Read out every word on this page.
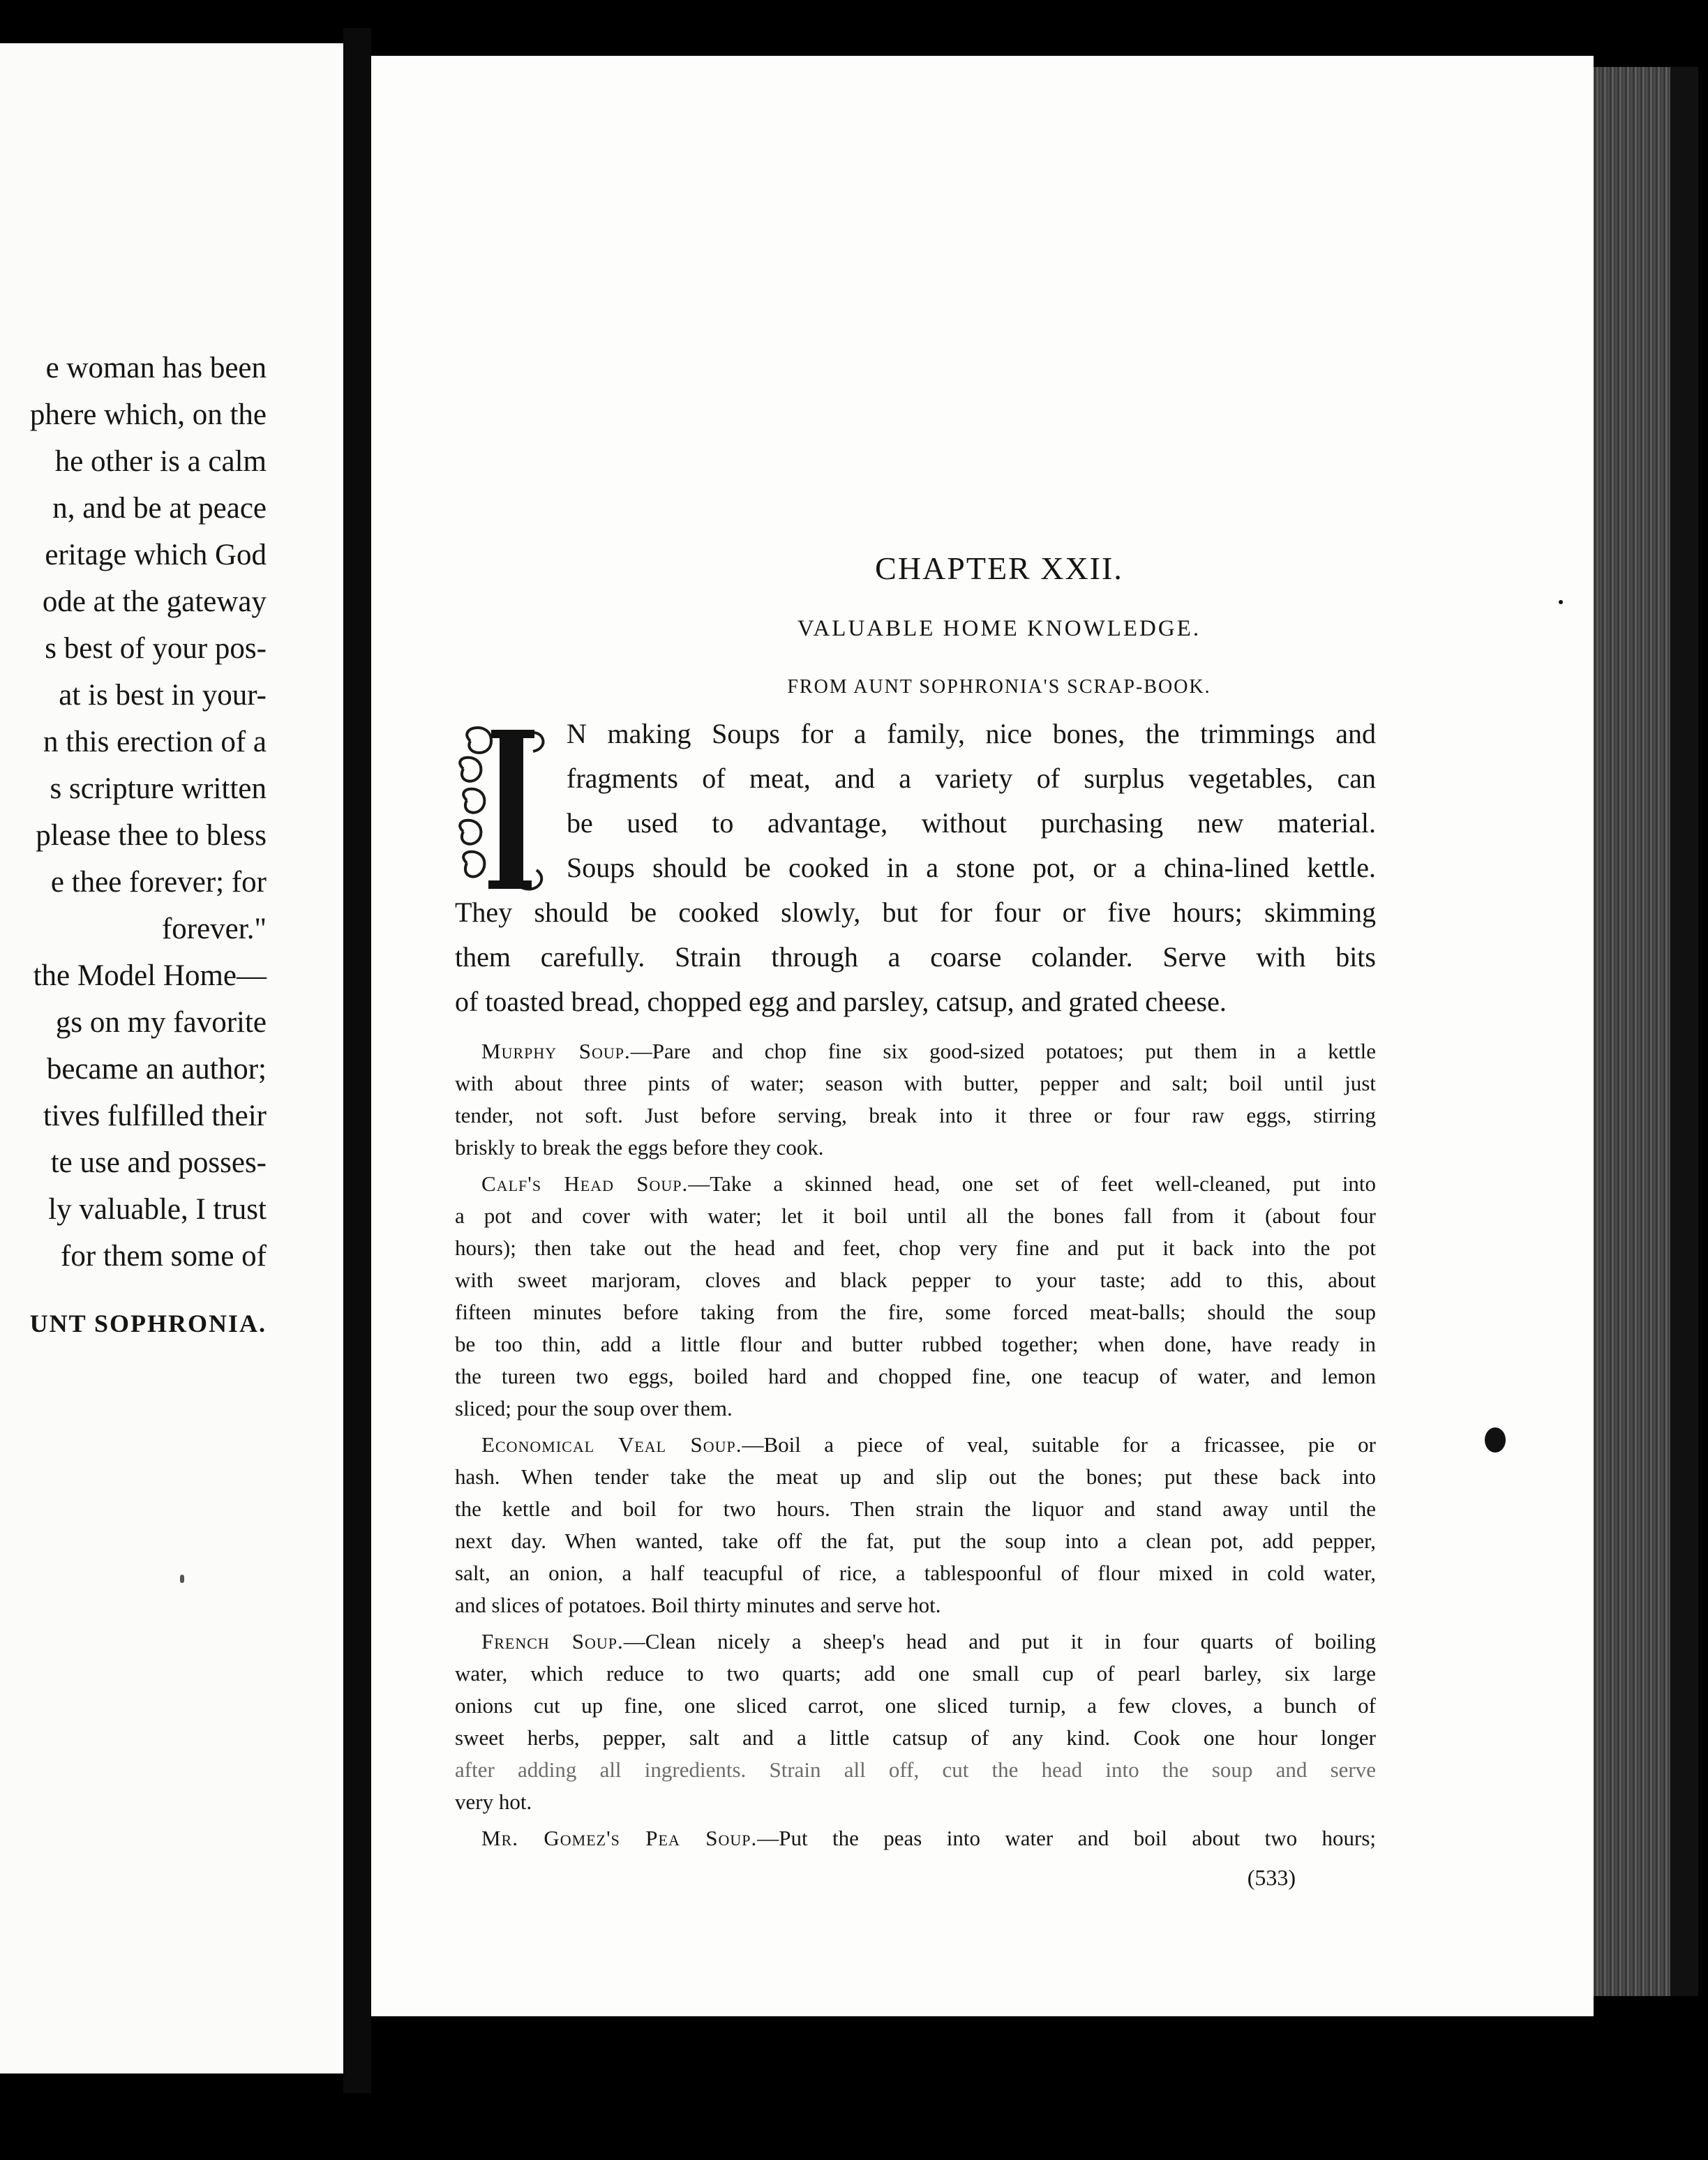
e woman has been
phere which, on the
he other is a calm
n, and be at peace
eritage which God
ode at the gateway
s best of your pos-
at is best in your-
n this erection of a
s scripture written
please thee to bless
e thee forever; for
forever."
the Model Home—
gs on my favorite
became an author;
tives fulfilled their
te use and posses-
ly valuable, I trust
for them some of
UNT SOPHRONIA.
CHAPTER XXII.
VALUABLE HOME KNOWLEDGE.
FROM AUNT SOPHRONIA'S SCRAP-BOOK.
N making Soups for a family, nice bones, the trimmings and
fragments of meat, and a variety of surplus vegetables, can
be used to advantage, without purchasing new material.
Soups should be cooked in a stone pot, or a china-lined kettle.
They should be cooked slowly, but for four or five hours; skimming
them carefully. Strain through a coarse colander. Serve with bits
of toasted bread, chopped egg and parsley, catsup, and grated cheese.
Murphy Soup.—Pare and chop fine six good-sized potatoes; put them in a kettle
with about three pints of water; season with butter, pepper and salt; boil until just
tender, not soft. Just before serving, break into it three or four raw eggs, stirring
briskly to break the eggs before they cook.
Calf's Head Soup.—Take a skinned head, one set of feet well-cleaned, put into
a pot and cover with water; let it boil until all the bones fall from it (about four
hours); then take out the head and feet, chop very fine and put it back into the pot
with sweet marjoram, cloves and black pepper to your taste; add to this, about
fifteen minutes before taking from the fire, some forced meat-balls; should the soup
be too thin, add a little flour and butter rubbed together; when done, have ready in
the tureen two eggs, boiled hard and chopped fine, one teacup of water, and lemon
sliced; pour the soup over them.
Economical Veal Soup.—Boil a piece of veal, suitable for a fricassee, pie or
hash. When tender take the meat up and slip out the bones; put these back into
the kettle and boil for two hours. Then strain the liquor and stand away until the
next day. When wanted, take off the fat, put the soup into a clean pot, add pepper,
salt, an onion, a half teacupful of rice, a tablespoonful of flour mixed in cold water,
and slices of potatoes. Boil thirty minutes and serve hot.
French Soup.—Clean nicely a sheep's head and put it in four quarts of boiling
water, which reduce to two quarts; add one small cup of pearl barley, six large
onions cut up fine, one sliced carrot, one sliced turnip, a few cloves, a bunch of
sweet herbs, pepper, salt and a little catsup of any kind. Cook one hour longer
after adding all ingredients. Strain all off, cut the head into the soup and serve
very hot.
Mr. Gomez's Pea Soup.—Put the peas into water and boil about two hours;
(533)
